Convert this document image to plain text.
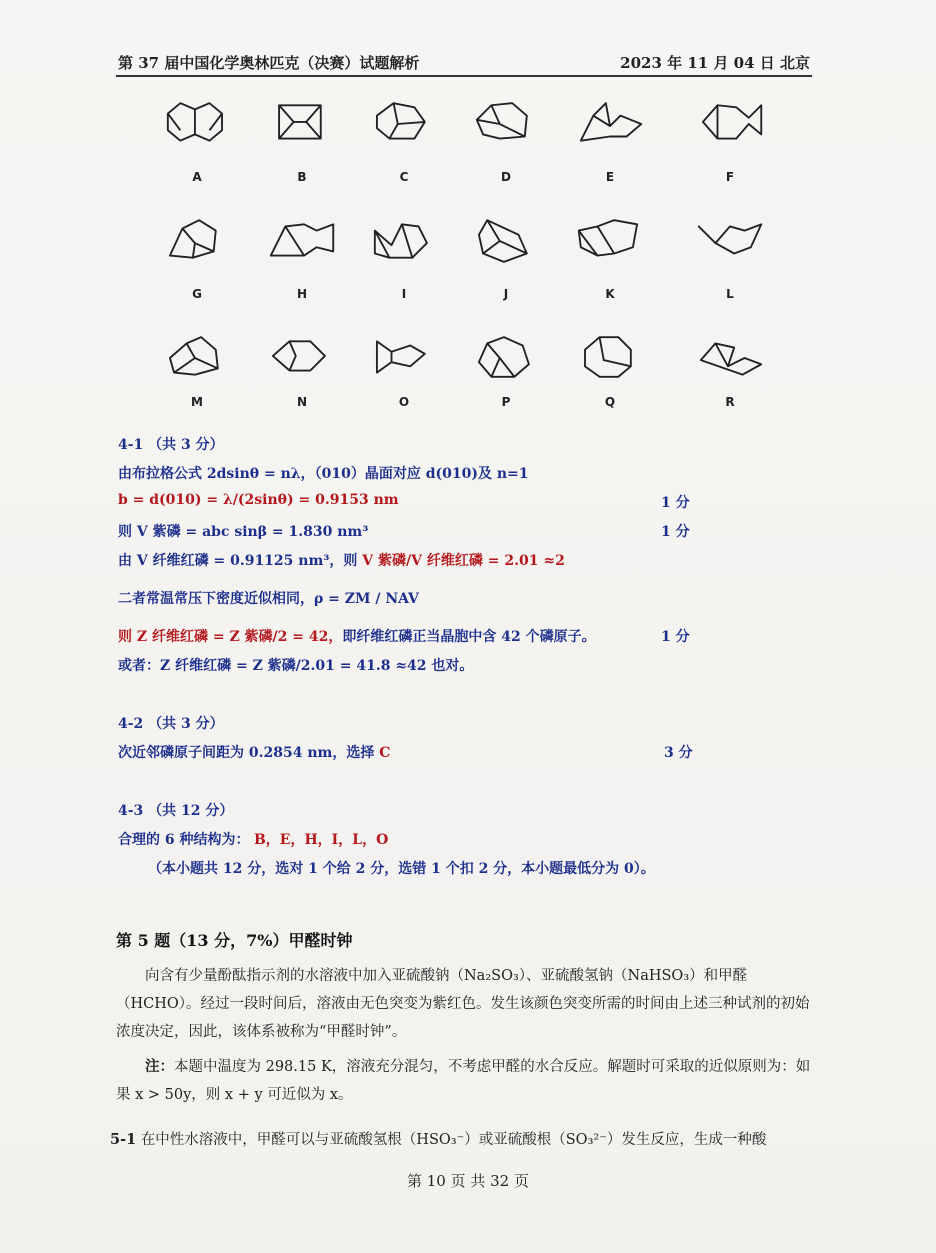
第 37 届中国化学奥林匹克（决赛）试题解析	2023 年 11 月 04 日 北京
A	B	C	D	E	F
G	H	I	J	K	L
M	N	O	P	Q	R
4-1 （共 3 分）
由布拉格公式 2dsinθ = nλ，（010）晶面对应 d(010)及 n=1
b = d(010) = λ/(2sinθ) = 0.9153 nm	1 分
则 V 紫磷 = abc sinβ = 1.830 nm³	1 分
由 V 纤维红磷 = 0.91125 nm³，则 V 紫磷/V 纤维红磷 = 2.01 ≈2
二者常温常压下密度近似相同，ρ = ZM / NAV
则 Z 纤维红磷 = Z 紫磷/2 = 42，即纤维红磷正当晶胞中含 42 个磷原子。	1 分
或者：Z 纤维红磷 = Z 紫磷/2.01 = 41.8 ≈42 也对。
4-2 （共 3 分）
次近邻磷原子间距为 0.2854 nm，选择 C	3 分
4-3 （共 12 分）
合理的 6 种结构为： B，E，H，I，L，O
（本小题共 12 分，选对 1 个给 2 分，选错 1 个扣 2 分，本小题最低分为 0）。
第 5 题（13 分，7%）甲醛时钟
向含有少量酚酞指示剂的水溶液中加入亚硫酸钠（Na₂SO₃）、亚硫酸氢钠（NaHSO₃）和甲醛（HCHO）。经过一段时间后，溶液由无色突变为紫红色。发生该颜色突变所需的时间由上述三种试剂的初始浓度决定，因此，该体系被称为“甲醛时钟”。
注：本题中温度为 298.15 K，溶液充分混匀，不考虑甲醛的水合反应。解题时可采取的近似原则为：如果 x > 50y，则 x + y 可近似为 x。
5-1 在中性水溶液中，甲醛可以与亚硫酸氢根（HSO₃⁻）或亚硫酸根（SO₃²⁻）发生反应，生成一种酸
第 10 页 共 32 页
